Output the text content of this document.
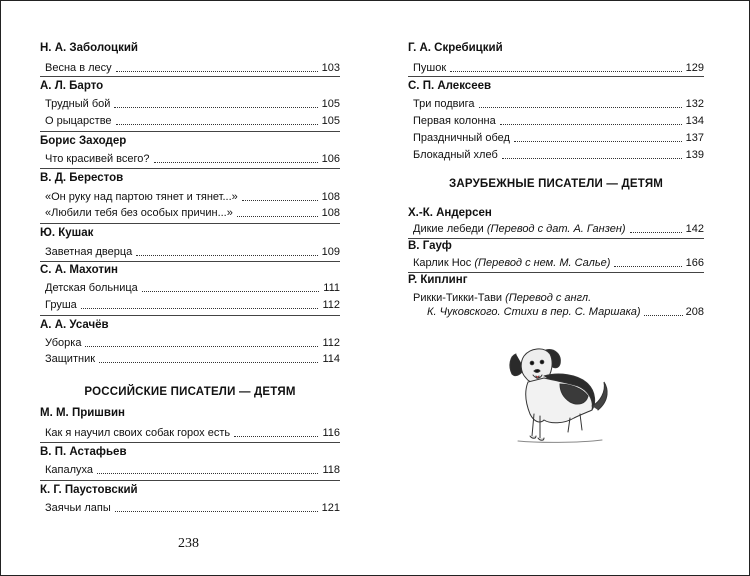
Н. А. Заболоцкий
Весна в лесу	103
А. Л. Барто
Трудный бой	105
О рыцарстве	105
Борис Заходер
Что красивей всего?	106
В. Д. Берестов
«Он руку над партою тянет и тянет...»	108
«Любили тебя без особых причин...»	108
Ю. Кушак
Заветная дверца	109
С. А. Махотин
Детская больница	111
Груша	112
А. А. Усачёв
Уборка	112
Защитник	114
РОССИЙСКИЕ ПИСАТЕЛИ — ДЕТЯМ
М. М. Пришвин
Как я научил своих собак горох есть	116
В. П. Астафьев
Капалуха	118
К. Г. Паустовский
Заячьи лапы	121
238
Г. А. Скребицкий
Пушок	129
С. П. Алексеев
Три подвига	132
Первая колонна	134
Праздничный обед	137
Блокадный хлеб	139
ЗАРУБЕЖНЫЕ ПИСАТЕЛИ — ДЕТЯМ
Х.-К. Андерсен
Дикие лебеди (Перевод с дат. А. Ганзен)	142
В. Гауф
Карлик Нос (Перевод с нем. М. Салье)	166
Р. Киплинг
Рикки-Тикки-Тави (Перевод с англ.
К. Чуковского. Стихи в пер. С. Маршака)	208
